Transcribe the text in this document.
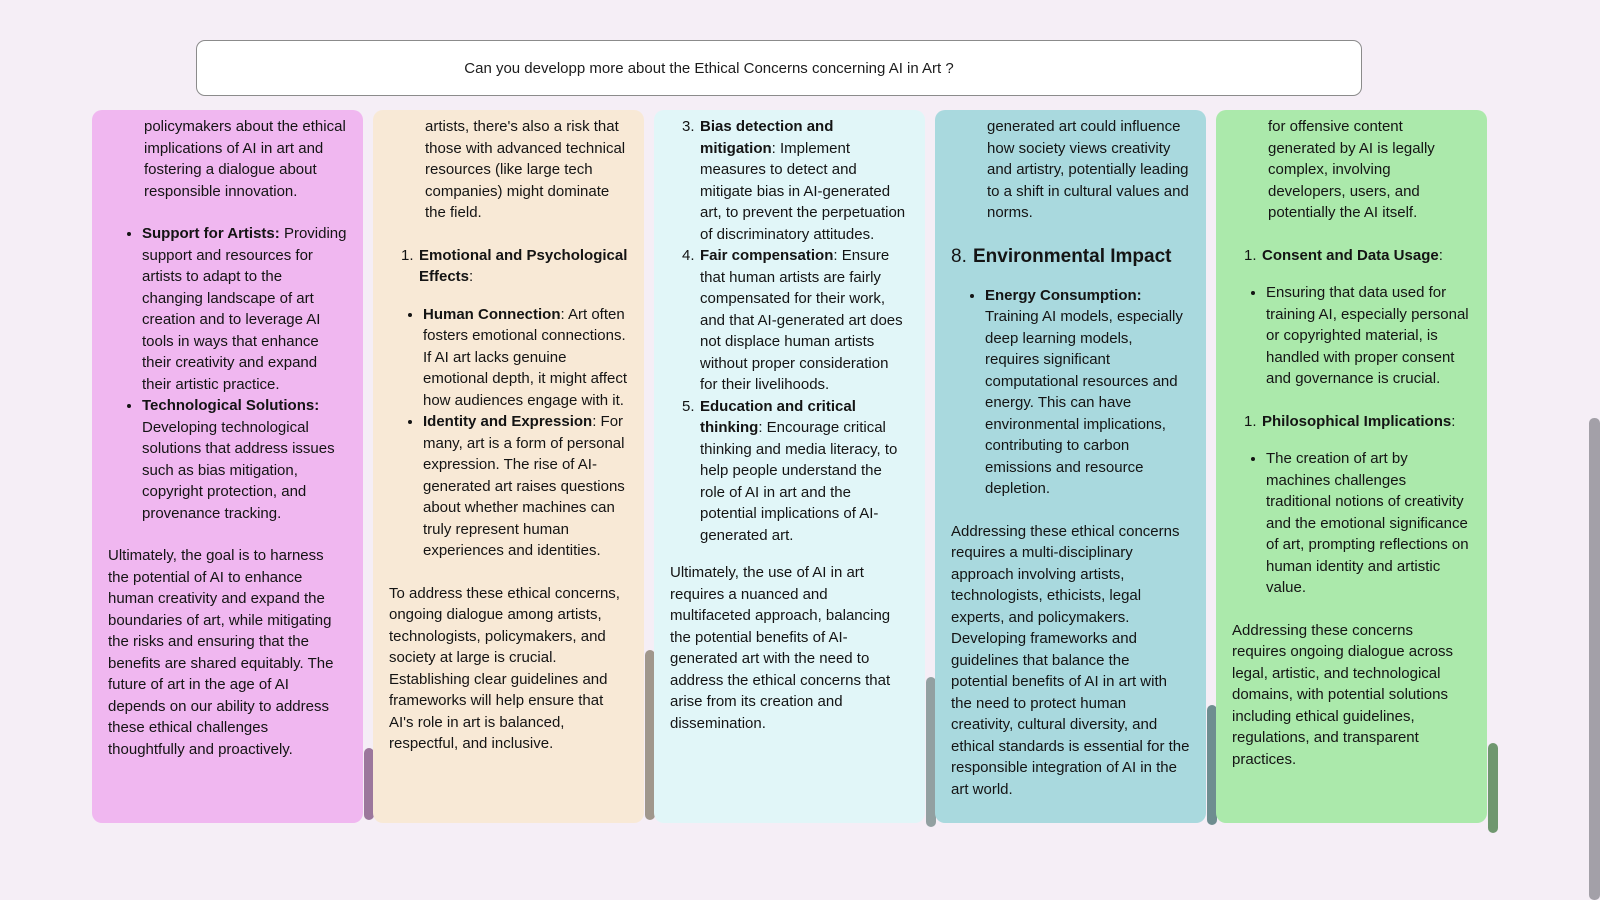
Can you developp more about the Ethical Concerns concerning AI in Art ?
policymakers about the ethical implications of AI in art and fostering a dialogue about responsible innovation.
• Support for Artists: Providing support and resources for artists to adapt to the changing landscape of art creation and to leverage AI tools in ways that enhance their creativity and expand their artistic practice.
• Technological Solutions: Developing technological solutions that address issues such as bias mitigation, copyright protection, and provenance tracking.
Ultimately, the goal is to harness the potential of AI to enhance human creativity and expand the boundaries of art, while mitigating the risks and ensuring that the benefits are shared equitably. The future of art in the age of AI depends on our ability to address these ethical challenges thoughtfully and proactively.
artists, there's also a risk that those with advanced technical resources (like large tech companies) might dominate the field.
1. Emotional and Psychological Effects:
• Human Connection: Art often fosters emotional connections. If AI art lacks genuine emotional depth, it might affect how audiences engage with it.
• Identity and Expression: For many, art is a form of personal expression. The rise of AI-generated art raises questions about whether machines can truly represent human experiences and identities.
To address these ethical concerns, ongoing dialogue among artists, technologists, policymakers, and society at large is crucial. Establishing clear guidelines and frameworks will help ensure that AI's role in art is balanced, respectful, and inclusive.
3. Bias detection and mitigation: Implement measures to detect and mitigate bias in AI-generated art, to prevent the perpetuation of discriminatory attitudes.
4. Fair compensation: Ensure that human artists are fairly compensated for their work, and that AI-generated art does not displace human artists without proper consideration for their livelihoods.
5. Education and critical thinking: Encourage critical thinking and media literacy, to help people understand the role of AI in art and the potential implications of AI-generated art.
Ultimately, the use of AI in art requires a nuanced and multifaceted approach, balancing the potential benefits of AI-generated art with the need to address the ethical concerns that arise from its creation and dissemination.
generated art could influence how society views creativity and artistry, potentially leading to a shift in cultural values and norms.
8. Environmental Impact
• Energy Consumption: Training AI models, especially deep learning models, requires significant computational resources and energy. This can have environmental implications, contributing to carbon emissions and resource depletion.
Addressing these ethical concerns requires a multi-disciplinary approach involving artists, technologists, ethicists, legal experts, and policymakers. Developing frameworks and guidelines that balance the potential benefits of AI in art with the need to protect human creativity, cultural diversity, and ethical standards is essential for the responsible integration of AI in the art world.
for offensive content generated by AI is legally complex, involving developers, users, and potentially the AI itself.
1. Consent and Data Usage:
• Ensuring that data used for training AI, especially personal or copyrighted material, is handled with proper consent and governance is crucial.
1. Philosophical Implications:
• The creation of art by machines challenges traditional notions of creativity and the emotional significance of art, prompting reflections on human identity and artistic value.
Addressing these concerns requires ongoing dialogue across legal, artistic, and technological domains, with potential solutions including ethical guidelines, regulations, and transparent practices.
